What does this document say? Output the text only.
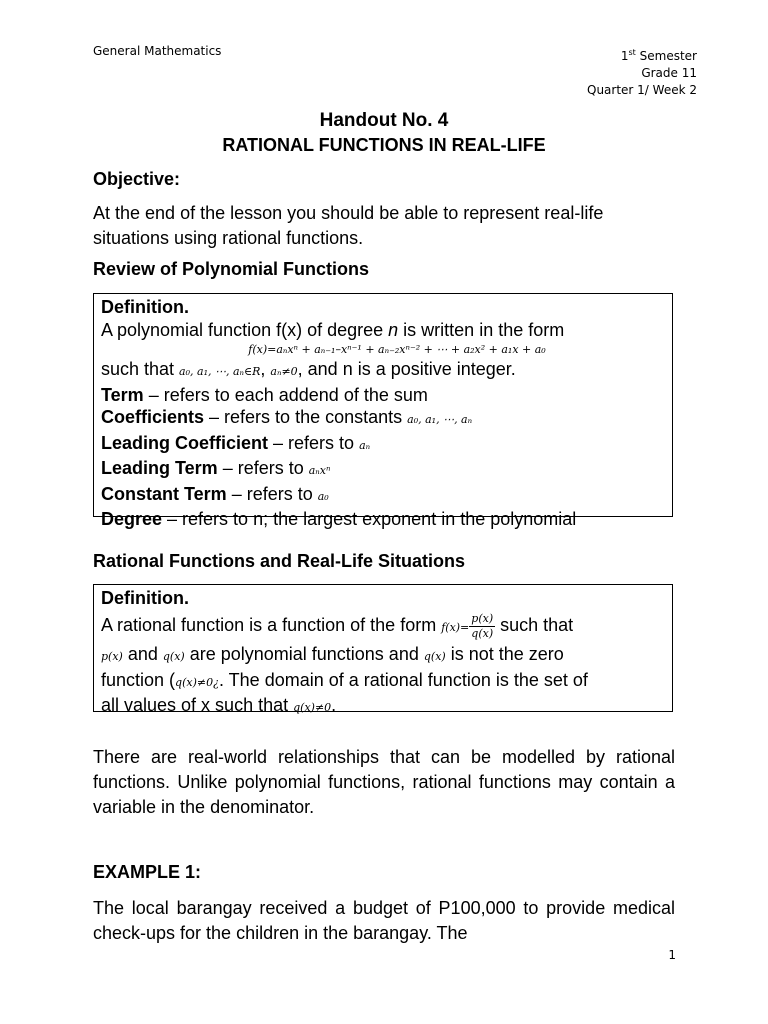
General Mathematics	1st Semester
Grade 11
Quarter 1/ Week 2
Handout No. 4
RATIONAL FUNCTIONS IN REAL-LIFE
Objective:
At the end of the lesson you should be able to represent real-life situations using rational functions.
Review of Polynomial Functions
Definition.
A polynomial function f(x) of degree n is written in the form
f(x)=aₙxⁿ + aₙ₋₁–xⁿ⁻¹ + aₙ₋₂xⁿ⁻² + ⋯ + a₂x² + a₁x + a₀
such that a₀, a₁, ⋯, aₙ∈R, aₙ≠0, and n is a positive integer.
Term – refers to each addend of the sum
Coefficients – refers to the constants a₀, a₁, ⋯, aₙ
Leading Coefficient – refers to aₙ
Leading Term – refers to aₙxⁿ
Constant Term – refers to a₀
Degree – refers to n; the largest exponent in the polynomial
Rational Functions and Real-Life Situations
Definition.
A rational function is a function of the form $f(x)= \frac{p(x)}{q(x)}$ such that
p(x) and q(x) are polynomial functions and q(x) is not the zero
function (q(x)≠0¿. The domain of a rational function is the set of
all values of x such that q(x)≠0.
There are real-world relationships that can be modelled by rational functions. Unlike polynomial functions, rational functions may contain a variable in the denominator.
EXAMPLE 1:
The local barangay received a budget of P100,000 to provide medical check-ups for the children in the barangay. The
1
